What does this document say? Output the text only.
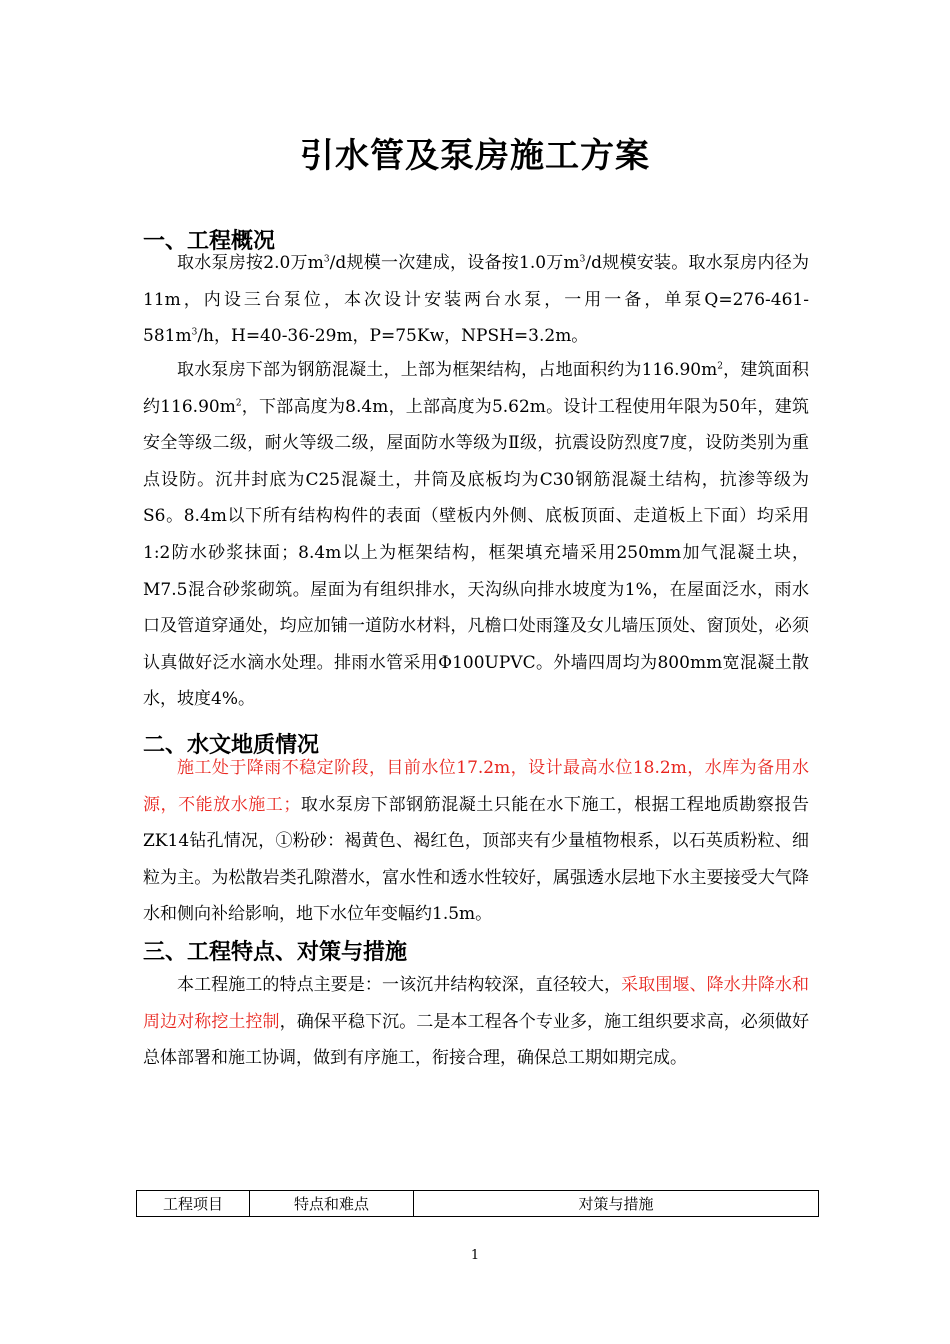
引水管及泵房施工方案
一、工程概况

取水泵房按2.0万$m^3/d$规模一次建成，设备按1.0万$m^3/d$规模安装。取水泵房内径为11m，内设三台泵位，本次设计安装两台水泵，一用一备，单泵$Q=276-461-581m^3/h$，H=40-36-29m，P=75Kw，NPSH=3.2m。

取水泵房下部为钢筋混凝土，上部为框架结构，占地面积约为$116.90m^2$，建筑面积约$116.90m^2$，下部高度为8.4m，上部高度为5.62m。设计工程使用年限为50年，建筑安全等级二级，耐火等级二级，屋面防水等级为Ⅱ级，抗震设防烈度7度，设防类别为重点设防。沉井封底为C25混凝土，井筒及底板均为C30钢筋混凝土结构，抗渗等级为S6。8.4m以下所有结构构件的表面（壁板内外侧、底板顶面、走道板上下面）均采用1:2防水砂浆抹面；8.4m以上为框架结构，框架填充墙采用250mm加气混凝土块，M7.5混合砂浆砌筑。屋面为有组织排水，天沟纵向排水坡度为1%，在屋面泛水，雨水口及管道穿通处，均应加铺一道防水材料，凡檐口处雨篷及女儿墙压顶处、窗顶处，必须认真做好泛水滴水处理。排雨水管采用Φ100UPVC。外墙四周均为800mm宽混凝土散水，坡度4%。

二、水文地质情况

施工处于降雨不稳定阶段，目前水位17.2m，设计最高水位18.2m，水库为备用水源，不能放水施工；取水泵房下部钢筋混凝土只能在水下施工，根据工程地质勘察报告ZK14钻孔情况，①粉砂：褐黄色、褐红色，顶部夹有少量植物根系，以石英质粉粒、细粒为主。为松散岩类孔隙潜水，富水性和透水性较好，属强透水层地下水主要接受大气降水和侧向补给影响，地下水位年变幅约1.5m。

三、工程特点、对策与措施

本工程施工的特点主要是：一该沉井结构较深，直径较大，采取围堰、降水井降水和周边对称挖土控制，确保平稳下沉。二是本工程各个专业多，施工组织要求高，必须做好总体部署和施工协调，做到有序施工，衔接合理，确保总工期如期完成。

工程项目	特点和难点	对策与措施
1
